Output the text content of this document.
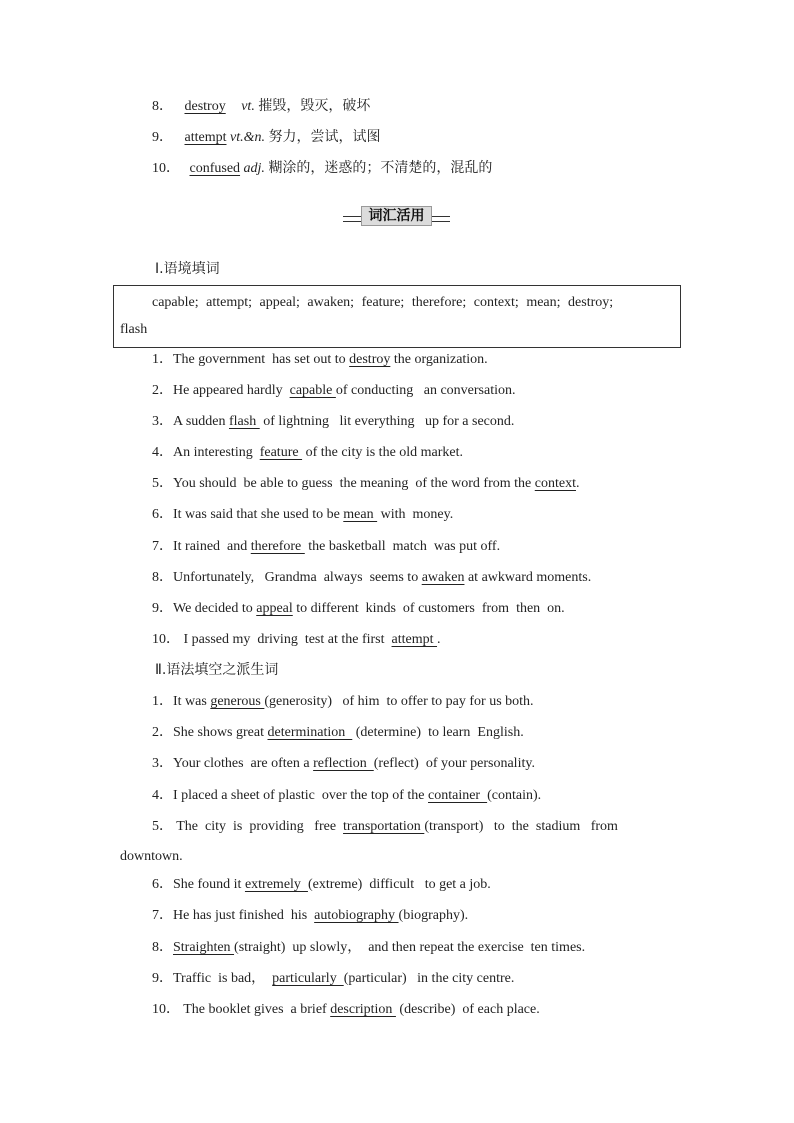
8． destroy vt. 摧毁，毁灭，破坏
9． attempt vt.&n. 努力，尝试，试图
10． confused adj. 糊涂的，迷惑的；不清楚的，混乱的
词汇活用
Ⅰ.语境填词
capable; attempt; appeal; awaken; feature; therefore; context; mean; destroy;
flash
1．The government  has set out to destroy the organization.
2．He appeared hardly  capable of conducting   an conversation.
3．A sudden flash  of lightning   lit everything   up for a second.
4．An interesting  feature  of the city is the old market.
5．You should  be able to guess  the meaning  of the word from the context.
6．It was said that she used to be mean  with  money.
7．It rained  and therefore  the basketball  match  was put off.
8．Unfortunately,   Grandma  always  seems to awaken at awkward moments.
9．We decided to appeal to different  kinds  of customers  from  then  on.
10． I passed my  driving  test at the first  attempt .
Ⅱ.语法填空之派生词
1．It was generous (generosity)   of him  to offer to pay for us both.
2．She shows great determination   (determine)  to learn  English.
3．Your clothes  are often a reflection  (reflect)  of your personality.
4．I placed a sheet of plastic  over the top of the container  (contain).
5． The  city  is  providing   free  transportation (transport)   to  the  stadium   from
downtown.
6．She found it extremely  (extreme)  difficult   to get a job.
7．He has just finished  his  autobiography (biography).
8．Straighten (straight)  up slowly，  and then repeat the exercise  ten times.
9．Traffic  is bad，  particularly  (particular)   in the city centre.
10． The booklet gives  a brief description  (describe)  of each place.
